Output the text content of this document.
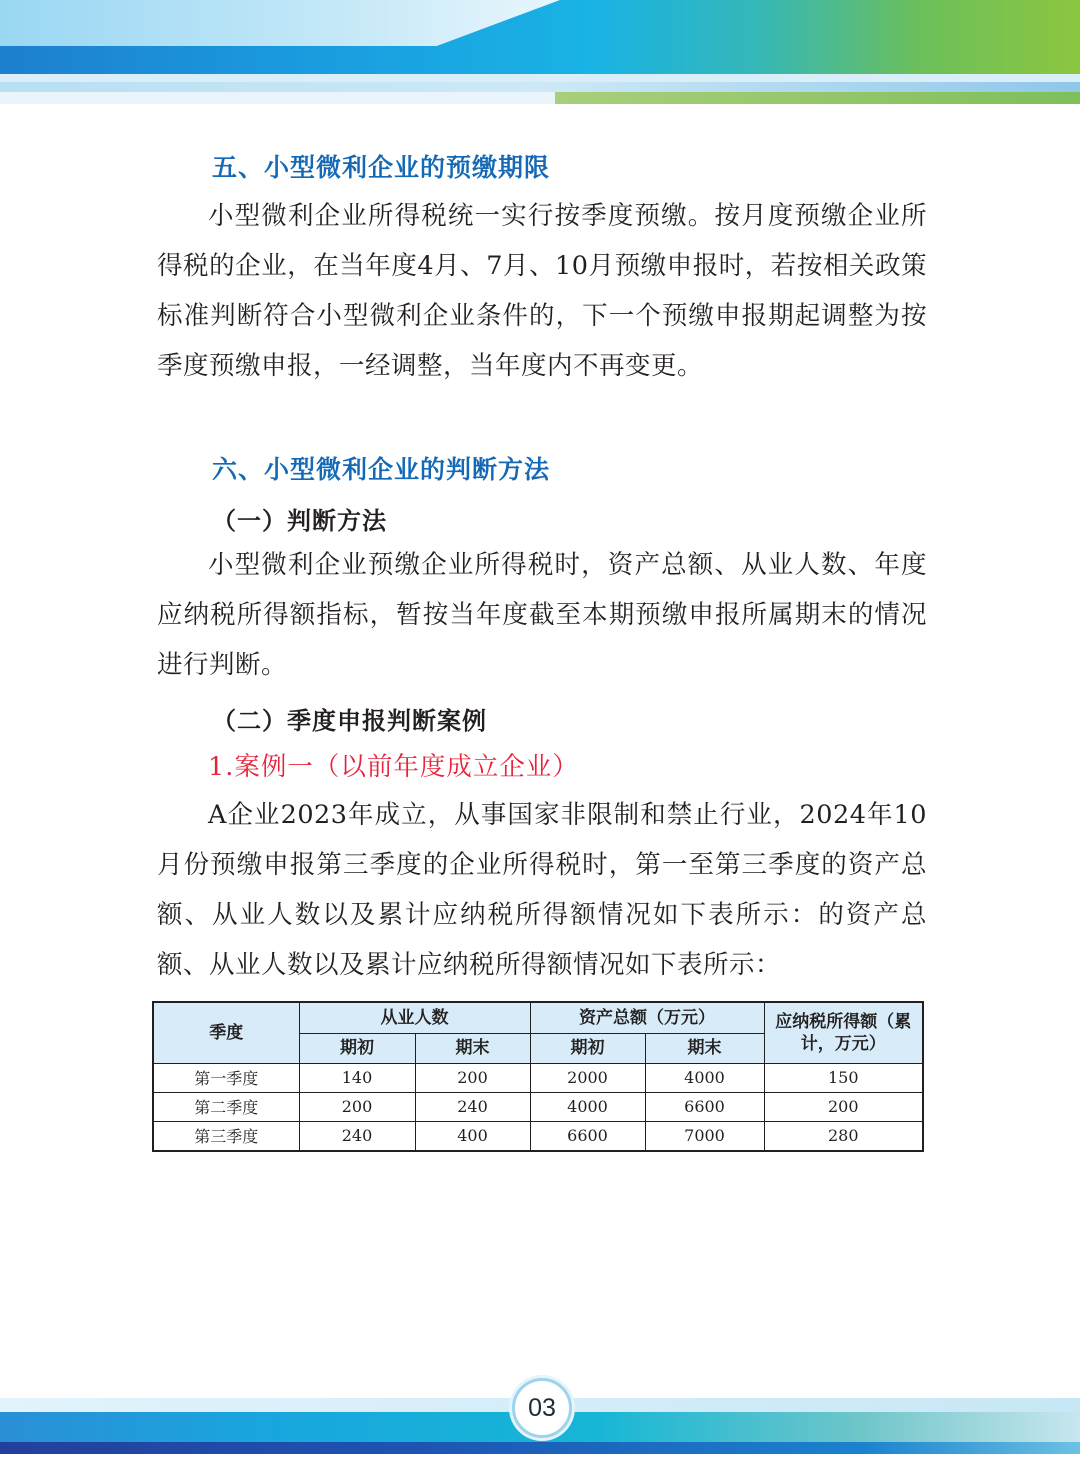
五、小型微利企业的预缴期限
小型微利企业所得税统一实行按季度预缴。按月度预缴企业所得税的企业，在当年度4月、7月、10月预缴申报时，若按相关政策标准判断符合小型微利企业条件的，下一个预缴申报期起调整为按季度预缴申报，一经调整，当年度内不再变更。
六、小型微利企业的判断方法
（一）判断方法
小型微利企业预缴企业所得税时，资产总额、从业人数、年度应纳税所得额指标，暂按当年度截至本期预缴申报所属期末的情况进行判断。
（二）季度申报判断案例
1.案例一（以前年度成立企业）
A企业2023年成立，从事国家非限制和禁止行业，2024年10月份预缴申报第三季度的企业所得税时，第一至第三季度的资产总额、从业人数以及累计应纳税所得额情况如下表所示：的资产总额、从业人数以及累计应纳税所得额情况如下表所示：
季度	从业人数		资产总额（万元）		应纳税所得额（累计，万元）
	期初	期末	期初	期末	
第一季度	140	200	2000	4000	150
第二季度	200	240	4000	6600	200
第三季度	240	400	6600	7000	280
03
